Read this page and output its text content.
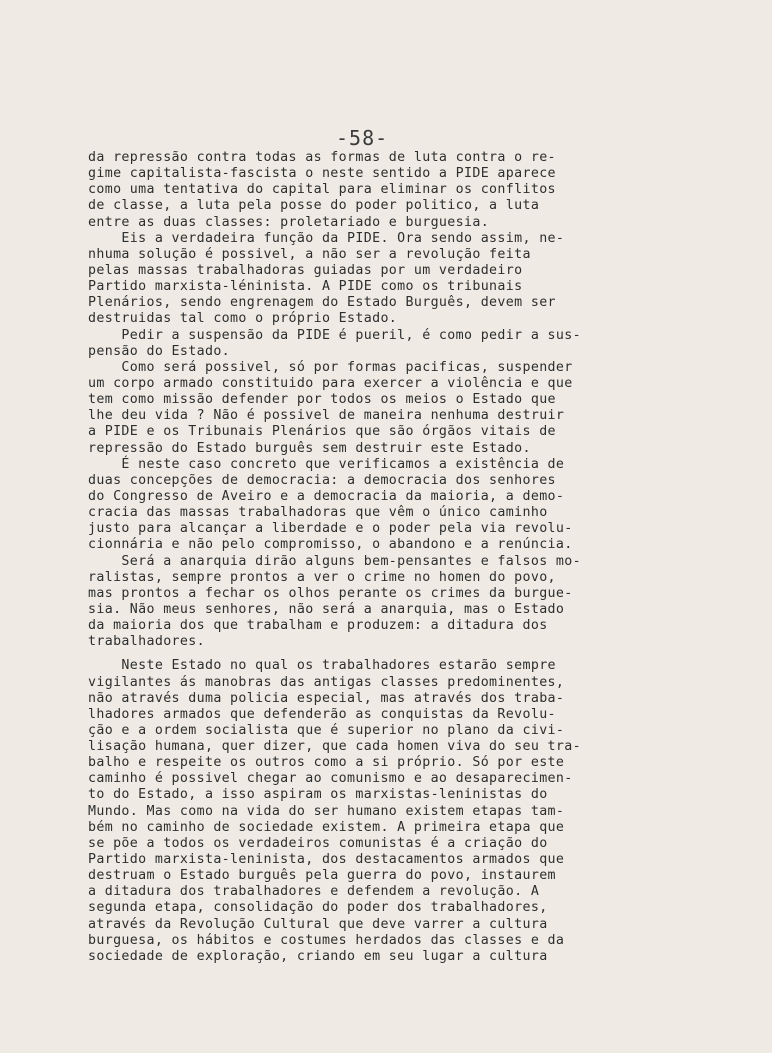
-58-
da repressão contra todas as formas de luta contra o re-
gime capitalista-fascista o neste sentido a PIDE aparece
como uma tentativa do capital para eliminar os conflitos
de classe, a luta pela posse do poder politico, a luta
entre as duas classes: proletariado e burguesia.
Eis a verdadeira função da PIDE. Ora sendo assim, ne-
nhuma solução é possivel, a não ser a revolução feita
pelas massas trabalhadoras guiadas por um verdadeiro
Partido marxista-léninista. A PIDE como os tribunais
Plenários, sendo engrenagem do Estado Burguês, devem ser
destruidas tal como o próprio Estado.
Pedir a suspensão da PIDE é pueril, é como pedir a sus-
pensão do Estado.
Como será possivel, só por formas pacificas, suspender
um corpo armado constituido para exercer a violência e que
tem como missão defender por todos os meios o Estado que
lhe deu vida ? Não é possivel de maneira nenhuma destruir
a PIDE e os Tribunais Plenários que são órgãos vitais de
repressão do Estado burguês sem destruir este Estado.
É neste caso concreto que verificamos a existência de
duas concepções de democracia: a democracia dos senhores
do Congresso de Aveiro e a democracia da maioria, a demo-
cracia das massas trabalhadoras que vêm o único caminho
justo para alcançar a liberdade e o poder pela via revolu-
cionnária e não pelo compromisso, o abandono e a renúncia.
Será a anarquia dirão alguns bem-pensantes e falsos mo-
ralistas, sempre prontos a ver o crime no homen do povo,
mas prontos a fechar os olhos perante os crimes da burgue-
sia. Não meus senhores, não será a anarquia, mas o Estado
da maioria dos que trabalham e produzem: a ditadura dos
trabalhadores.
Neste Estado no qual os trabalhadores estarão sempre
vigilantes ás manobras das antigas classes predominentes,
não através duma policia especial, mas através dos traba-
lhadores armados que defenderão as conquistas da Revolu-
ção e a ordem socialista que é superior no plano da civi-
lisação humana, quer dizer, que cada homen viva do seu tra-
balho e respeite os outros como a si próprio. Só por este
caminho é possivel chegar ao comunismo e ao desaparecimen-
to do Estado, a isso aspiram os marxistas-leninistas do
Mundo. Mas como na vida do ser humano existem etapas tam-
bém no caminho de sociedade existem. A primeira etapa que
se põe a todos os verdadeiros comunistas é a criação do
Partido marxista-leninista, dos destacamentos armados que
destruam o Estado burguês pela guerra do povo, instaurem
a ditadura dos trabalhadores e defendem a revolução. A
segunda etapa, consolidação do poder dos trabalhadores,
através da Revolução Cultural que deve varrer a cultura
burguesa, os hábitos e costumes herdados das classes e da
sociedade de exploração, criando em seu lugar a cultura
